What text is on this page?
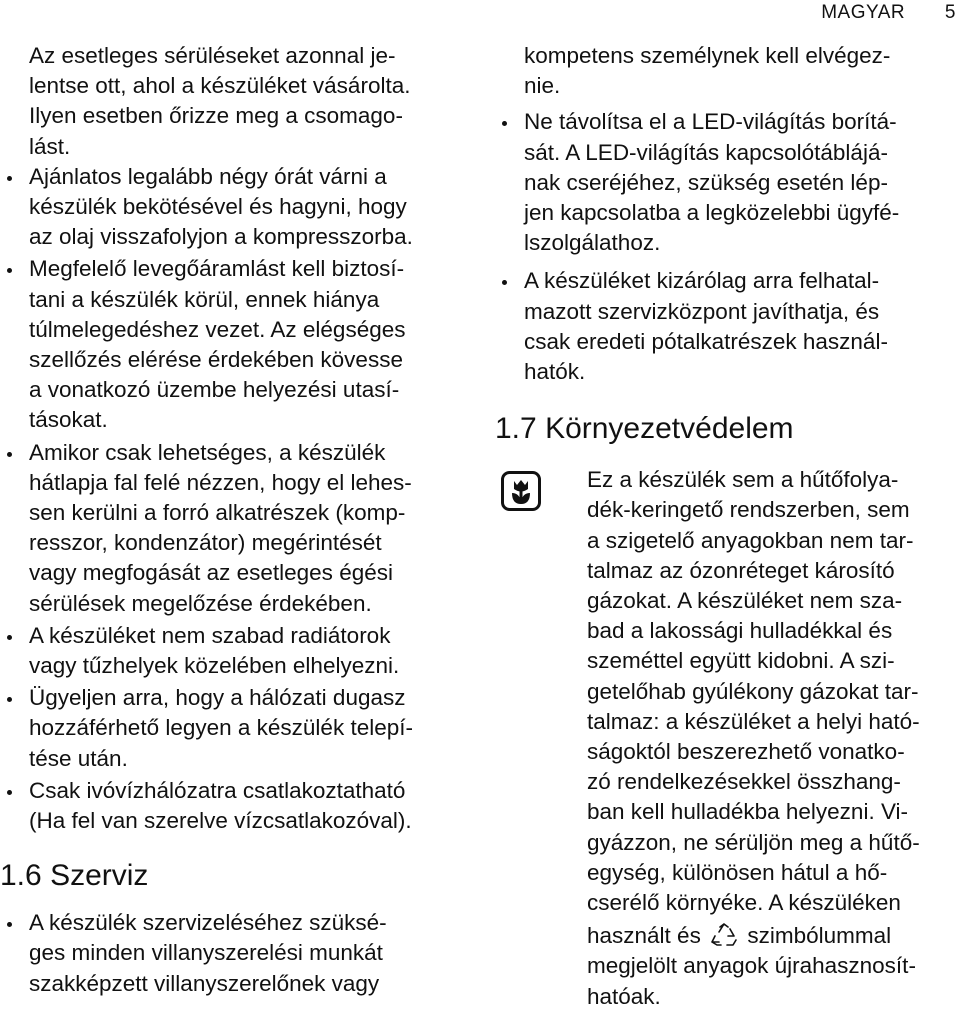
MAGYAR 5
Az esetleges sérüléseket azonnal je-
lentse ott, ahol a készüléket vásárolta.
Ilyen esetben őrizze meg a csomago-
lást.
Ajánlatos legalább négy órát várni a
készülék bekötésével és hagyni, hogy
az olaj visszafolyjon a kompresszorba.
Megfelelő levegőáramlást kell biztosí-
tani a készülék körül, ennek hiánya
túlmelegedéshez vezet. Az elégséges
szellőzés elérése érdekében kövesse
a vonatkozó üzembe helyezési utasí-
tásokat.
Amikor csak lehetséges, a készülék
hátlapja fal felé nézzen, hogy el lehes-
sen kerülni a forró alkatrészek (komp-
resszor, kondenzátor) megérintését
vagy megfogását az esetleges égési
sérülések megelőzése érdekében.
A készüléket nem szabad radiátorok
vagy tűzhelyek közelében elhelyezni.
Ügyeljen arra, hogy a hálózati dugasz
hozzáférhető legyen a készülék telepí-
tése után.
Csak ivóvízhálózatra csatlakoztatható
(Ha fel van szerelve vízcsatlakozóval).
1.6 Szerviz
A készülék szervizeléséhez szüksé-
ges minden villanyszerelési munkát
szakképzett villanyszerelőnek vagy
kompetens személynek kell elvégez-
nie.
Ne távolítsa el a LED-világítás borítá-
sát. A LED-világítás kapcsolótáblájá-
nak cseréjéhez, szükség esetén lép-
jen kapcsolatba a legközelebbi ügyfé-
lszolgálathoz.
A készüléket kizárólag arra felhatal-
mazott szervizközpont javíthatja, és
csak eredeti pótalkatrészek használ-
hatók.
1.7 Környezetvédelem
Ez a készülék sem a hűtőfolya-
dék-keringető rendszerben, sem
a szigetelő anyagokban nem tar-
talmaz az ózonréteget károsító
gázokat. A készüléket nem sza-
bad a lakossági hulladékkal és
szeméttel együtt kidobni. A szi-
getelőhab gyúlékony gázokat tar-
talmaz: a készüléket a helyi ható-
ságoktól beszerezhető vonatko-
zó rendelkezésekkel összhang-
ban kell hulladékba helyezni. Vi-
gyázzon, ne sérüljön meg a hűtő-
egység, különösen hátul a hő-
cserélő környéke. A készüléken
használt és szimbólummal
megjelölt anyagok újrahasznosít-
hatóak.
